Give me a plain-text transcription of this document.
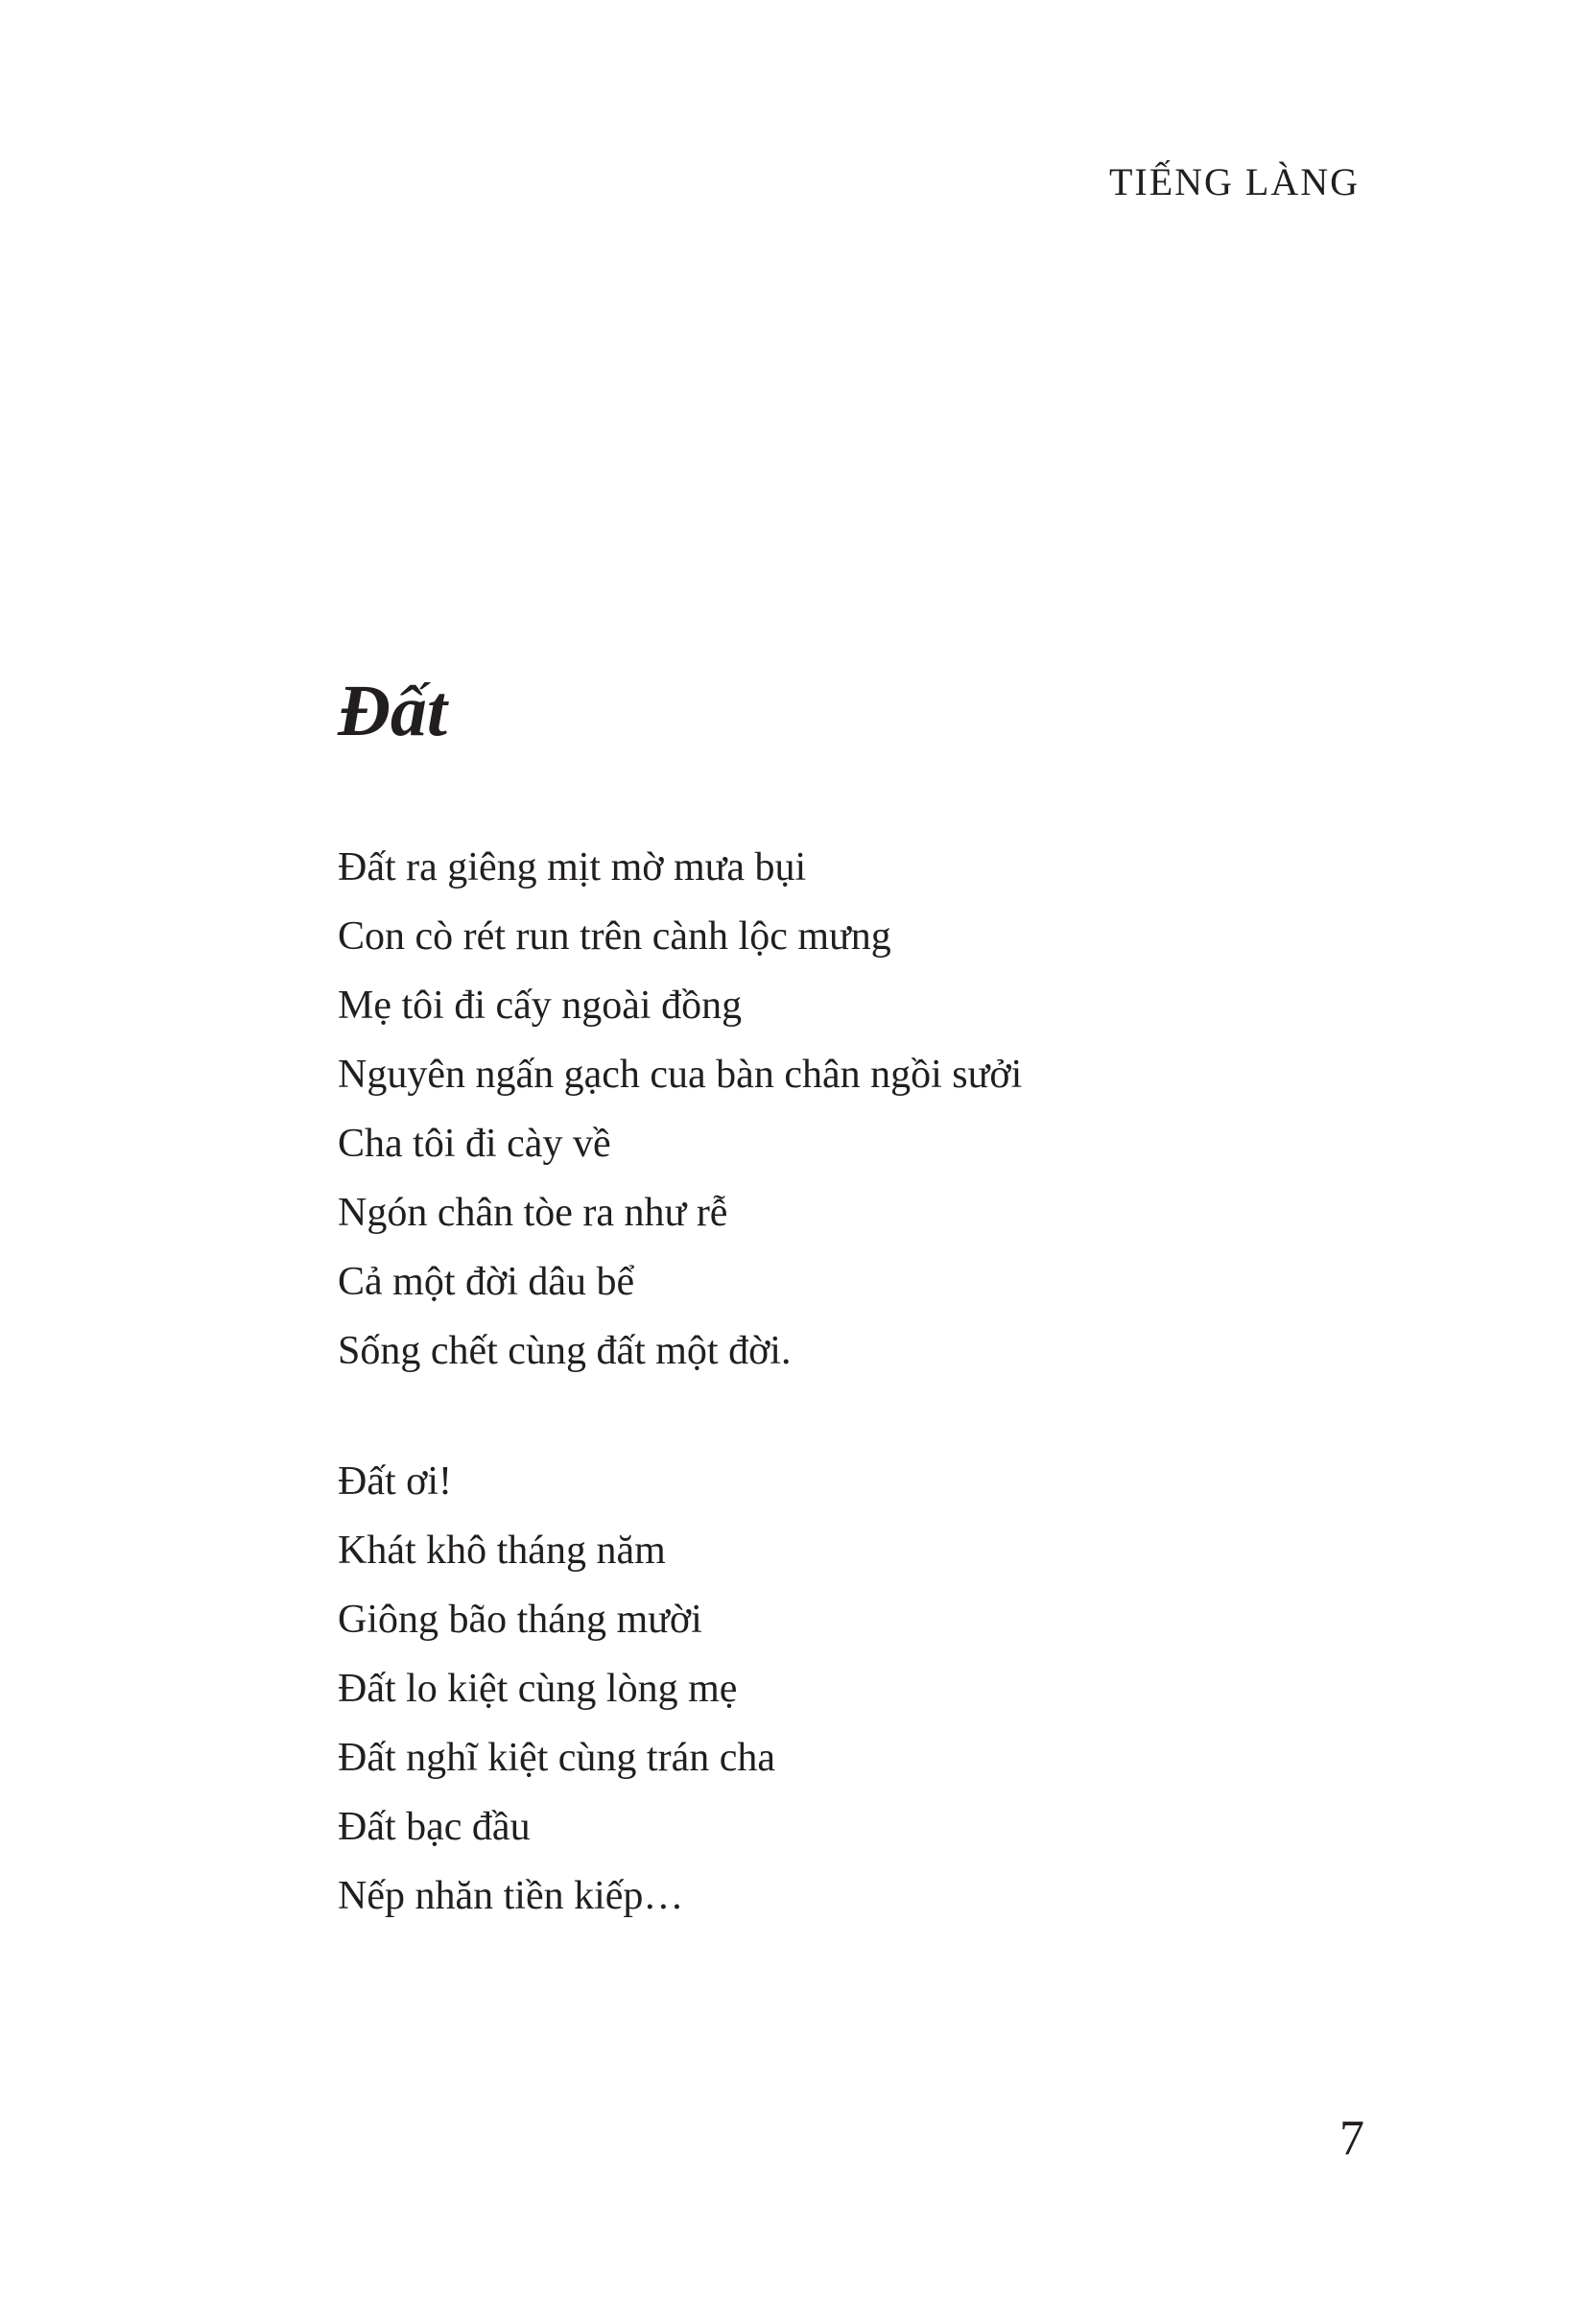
TIẾNG LÀNG
Đất
Đất ra giêng mịt mờ mưa bụi
Con cò rét run trên cành lộc mưng
Mẹ tôi đi cấy ngoài đồng
Nguyên ngấn gạch cua bàn chân ngồi sưởi
Cha tôi đi cày về
Ngón chân tòe ra như rễ
Cả một đời dâu bể
Sống chết cùng đất một đời.
Đất ơi!
Khát khô tháng năm
Giông bão tháng mười
Đất lo kiệt cùng lòng mẹ
Đất nghĩ kiệt cùng trán cha
Đất bạc đầu
Nếp nhăn tiền kiếp…
7
